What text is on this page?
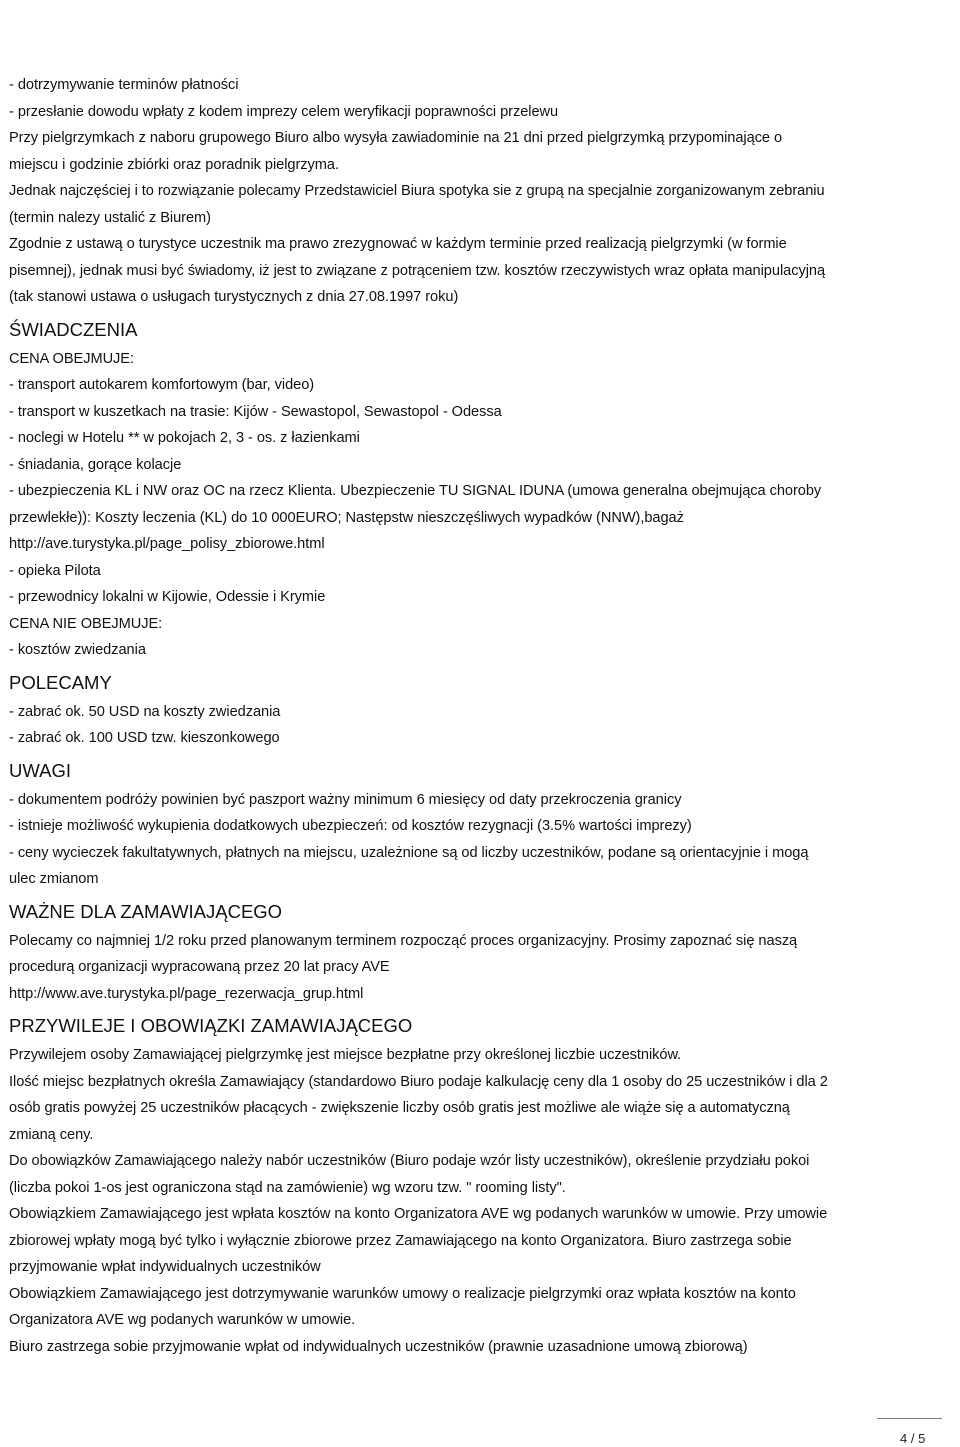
- dotrzymywanie terminów płatności
- przesłanie dowodu wpłaty z kodem imprezy celem weryfikacji poprawności przelewu
Przy pielgrzymkach z naboru grupowego Biuro albo wysyła zawiadominie na 21 dni przed pielgrzymką przypominające o
miejscu i godzinie zbiórki oraz poradnik pielgrzyma.
Jednak najczęściej i to rozwiązanie polecamy Przedstawiciel Biura spotyka sie z grupą na specjalnie zorganizowanym zebraniu
(termin nalezy ustalić z Biurem)
Zgodnie z ustawą o turystyce uczestnik ma prawo zrezygnować w każdym terminie przed realizacją pielgrzymki (w formie
pisemnej), jednak musi być świadomy, iż jest to związane z potrąceniem tzw. kosztów rzeczywistych wraz opłata manipulacyjną
(tak stanowi ustawa o usługach turystycznych z dnia 27.08.1997 roku)
ŚWIADCZENIA
CENA OBEJMUJE:
- transport autokarem komfortowym (bar, video)
- transport w kuszetkach na trasie: Kijów - Sewastopol, Sewastopol - Odessa
- noclegi w Hotelu ** w pokojach 2, 3 - os. z łazienkami
- śniadania, gorące kolacje
- ubezpieczenia KL i NW oraz OC na rzecz Klienta. Ubezpieczenie TU SIGNAL IDUNA (umowa generalna obejmująca choroby
przewlekłe)): Koszty leczenia (KL) do 10 000EURO; Następstw nieszczęśliwych wypadków (NNW),bagaż
http://ave.turystyka.pl/page_polisy_zbiorowe.html
- opieka Pilota
- przewodnicy lokalni w Kijowie, Odessie i Krymie
CENA NIE OBEJMUJE:
- kosztów zwiedzania
POLECAMY
- zabrać ok. 50 USD na koszty zwiedzania
- zabrać ok. 100 USD tzw. kieszonkowego
UWAGI
- dokumentem podróży powinien być paszport ważny minimum 6 miesięcy od daty przekroczenia granicy
- istnieje możliwość wykupienia dodatkowych ubezpieczeń: od kosztów rezygnacji (3.5% wartości imprezy)
- ceny wycieczek fakultatywnych, płatnych na miejscu, uzależnione są od liczby uczestników, podane są orientacyjnie i mogą
ulec zmianom
WAŻNE DLA ZAMAWIAJĄCEGO
Polecamy co najmniej 1/2 roku przed planowanym terminem rozpocząć proces organizacyjny. Prosimy zapoznać się naszą
procedurą organizacji wypracowaną przez 20 lat pracy AVE
http://www.ave.turystyka.pl/page_rezerwacja_grup.html
PRZYWILEJE I OBOWIĄZKI ZAMAWIAJĄCEGO
Przywilejem osoby Zamawiającej pielgrzymkę jest miejsce bezpłatne przy określonej liczbie uczestników.
Ilość miejsc bezpłatnych określa Zamawiający (standardowo Biuro podaje kalkulację ceny dla 1 osoby do 25 uczestników i dla 2
osób gratis powyżej 25 uczestników płacących - zwiększenie liczby osób gratis jest możliwe ale wiąże się a automatyczną
zmianą ceny.
Do obowiązków Zamawiającego należy nabór uczestników (Biuro podaje wzór listy uczestników), określenie przydziału pokoi
(liczba pokoi 1-os jest ograniczona stąd na zamówienie) wg wzoru tzw. " rooming listy".
Obowiązkiem Zamawiającego jest wpłata kosztów na konto Organizatora AVE wg podanych warunków w umowie. Przy umowie
zbiorowej wpłaty mogą być tylko i wyłącznie zbiorowe przez Zamawiającego na konto Organizatora. Biuro zastrzega sobie
przyjmowanie wpłat indywidualnych uczestników
Obowiązkiem Zamawiającego jest dotrzymywanie warunków umowy o realizacje pielgrzymki oraz wpłata kosztów na konto
Organizatora AVE wg podanych warunków w umowie.
Biuro zastrzega sobie przyjmowanie wpłat od indywidualnych uczestników (prawnie uzasadnione umową zbiorową)
4 / 5
